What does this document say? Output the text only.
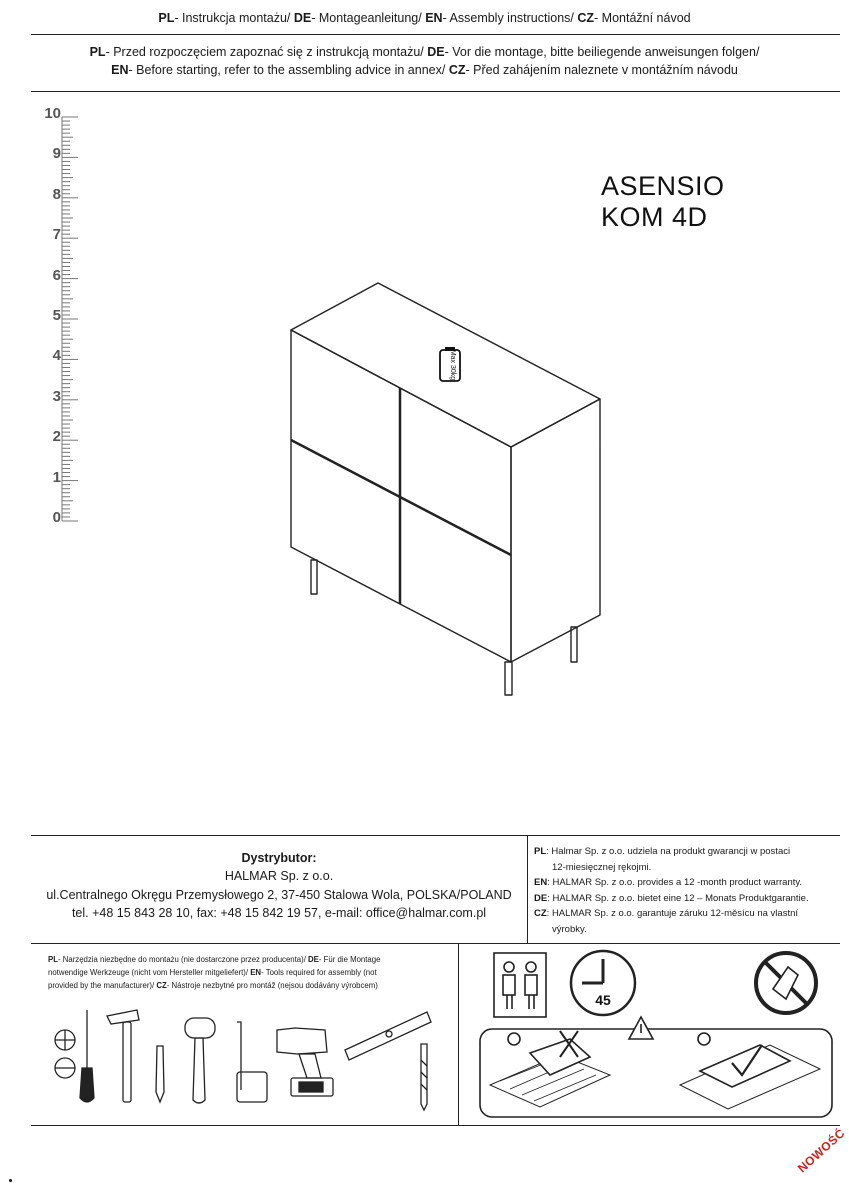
PL- Instrukcja montażu/ DE- Montageanleitung/ EN- Assembly instructions/ CZ- Montážní návod
PL- Przed rozpoczęciem zapoznać się z instrukcją montażu/ DE- Vor die montage, bitte beiliegende anweisungen folgen/
EN- Before starting, refer to the assembling advice in annex/ CZ- Před zahájením naleznete v montážním návodu
10
9
8
7
6
5
4
3
2
1
0
ASENSIO
KOM 4D
Max 30kg
Dystrybutor:
HALMAR Sp. z o.o.
ul.Centralnego Okręgu Przemysłowego 2, 37-450 Stalowa Wola, POLSKA/POLAND
tel. +48 15 843 28 10, fax: +48 15 842 19 57, e-mail: office@halmar.com.pl
PL: Halmar Sp. z o.o. udziela na produkt gwarancji w postaci
12-miesięcznej rękojmi.
EN: HALMAR Sp. z o.o. provides a 12 -month product warranty.
DE: HALMAR Sp. z o.o. bietet eine 12 – Monats Produktgarantie.
CZ: HALMAR Sp. z o.o. garantuje záruku 12-měsícu na vlastní
výrobky.
PL- Narzędzia niezbędne do montażu (nie dostarczone przez producenta)/ DE- Für die Montage
notwendige Werkzeuge (nicht vom Hersteller mitgeliefert)/ EN- Tools required for assembly (not
provided by the manufacturer)/ CZ- Nástroje nezbytné pro montáž (nejsou dodávány výrobcem)
45
NOWOŚĆ
